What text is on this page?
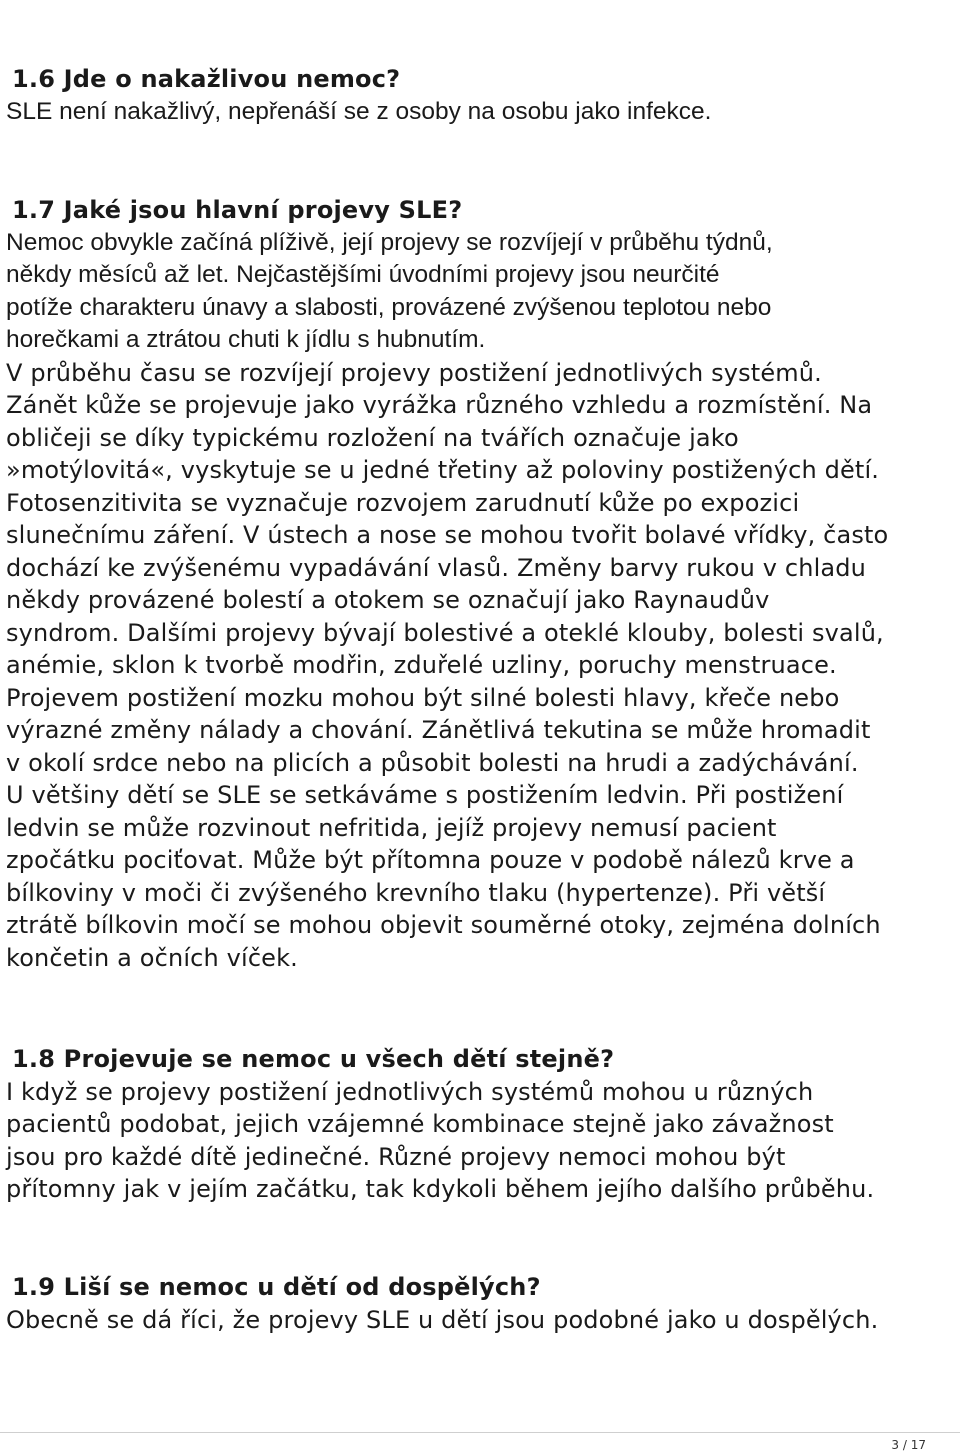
1.6 Jde o nakažlivou nemoc?
SLE není nakažlivý, nepřenáší se z osoby na osobu jako infekce.
1.7 Jaké jsou hlavní projevy SLE?
Nemoc obvykle začíná plíživě, její projevy se rozvíjejí v průběhu týdnů,
někdy měsíců až let. Nejčastějšími úvodními projevy jsou neurčité
potíže charakteru únavy a slabosti, provázené zvýšenou teplotou nebo
horečkami a ztrátou chuti k jídlu s hubnutím.
V průběhu času se rozvíjejí projevy postižení jednotlivých systémů.
Zánět kůže se projevuje jako vyrážka různého vzhledu a rozmístění. Na
obličeji se díky typickému rozložení na tvářích označuje jako
»motýlovitá«, vyskytuje se u jedné třetiny až poloviny postižených dětí.
Fotosenzitivita se vyznačuje rozvojem zarudnutí kůže po expozici
slunečnímu záření. V ústech a nose se mohou tvořit bolavé vřídky, často
dochází ke zvýšenému vypadávání vlasů. Změny barvy rukou v chladu
někdy provázené bolestí a otokem se označují jako Raynaudův
syndrom. Dalšími projevy bývají bolestivé a oteklé klouby, bolesti svalů,
anémie, sklon k tvorbě modřin, zduřelé uzliny, poruchy menstruace.
Projevem postižení mozku mohou být silné bolesti hlavy, křeče nebo
výrazné změny nálady a chování. Zánětlivá tekutina se může hromadit
v okolí srdce nebo na plicích a působit bolesti na hrudi a zadýchávání.
U většiny dětí se SLE se setkáváme s postižením ledvin. Při postižení
ledvin se může rozvinout nefritida, jejíž projevy nemusí pacient
zpočátku pociťovat. Může být přítomna pouze v podobě nálezů krve a
bílkoviny v moči či zvýšeného krevního tlaku (hypertenze). Při větší
ztrátě bílkovin močí se mohou objevit souměrné otoky, zejména dolních
končetin a očních víček.
1.8 Projevuje se nemoc u všech dětí stejně?
I když se projevy postižení jednotlivých systémů mohou u různých
pacientů podobat, jejich vzájemné kombinace stejně jako závažnost
jsou pro každé dítě jedinečné. Různé projevy nemoci mohou být
přítomny jak v jejím začátku, tak kdykoli během jejího dalšího průběhu.
1.9 Liší se nemoc u dětí od dospělých?
Obecně se dá říci, že projevy SLE u dětí jsou podobné jako u dospělých.
3 / 17
